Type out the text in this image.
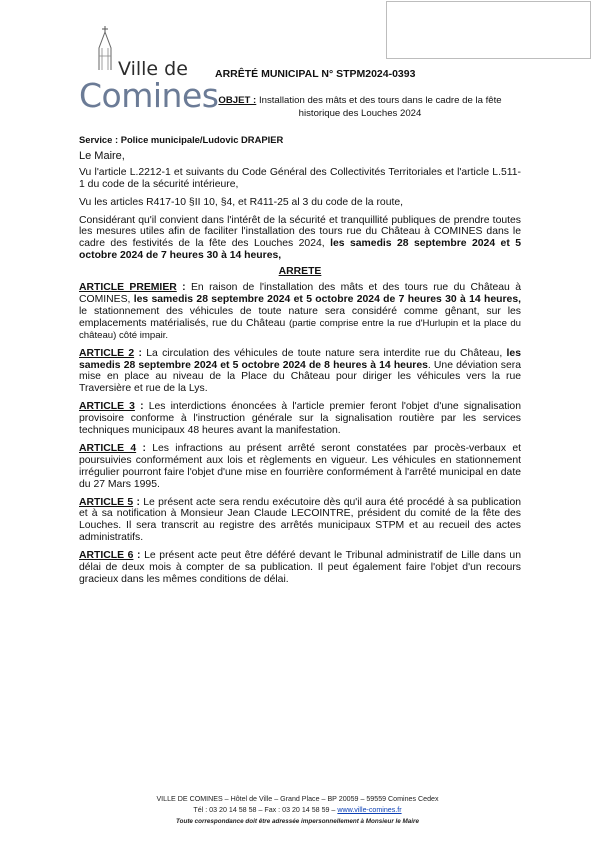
Ville de
Comines
ARRÊTÉ MUNICIPAL N° STPM2024-0393
OBJET : Installation des mâts et des tours dans le cadre de la fête historique des Louches 2024

Service : Police municipale/Ludovic DRAPIER

Le Maire,

Vu l'article L.2212-1 et suivants du Code Général des Collectivités Territoriales et l'article L.511-1 du code de la sécurité intérieure,

Vu les articles R417-10 §II 10, §4, et R411-25 al 3 du code de la route,

Considérant qu'il convient dans l'intérêt de la sécurité et tranquillité publiques de prendre toutes les mesures utiles afin de faciliter l'installation des tours rue du Château à COMINES dans le cadre des festivités de la fête des Louches 2024, les samedis 28 septembre 2024 et 5 octobre 2024 de 7 heures 30 à 14 heures,

ARRETE

ARTICLE PREMIER : En raison de l'installation des mâts et des tours rue du Château à COMINES, les samedis 28 septembre 2024 et 5 octobre 2024 de 7 heures 30 à 14 heures, le stationnement des véhicules de toute nature sera considéré comme gênant, sur les emplacements matérialisés, rue du Château (partie comprise entre la rue d'Hurlupin et la place du château) côté impair.

ARTICLE 2 : La circulation des véhicules de toute nature sera interdite rue du Château, les samedis 28 septembre 2024 et 5 octobre 2024 de 8 heures à 14 heures. Une déviation sera mise en place au niveau de la Place du Château pour diriger les véhicules vers la rue Traversière et rue de la Lys.

ARTICLE 3 : Les interdictions énoncées à l'article premier feront l'objet d'une signalisation provisoire conforme à l'instruction générale sur la signalisation routière par les services techniques municipaux 48 heures avant la manifestation.

ARTICLE 4 : Les infractions au présent arrêté seront constatées par procès-verbaux et poursuivies conformément aux lois et règlements en vigueur. Les véhicules en stationnement irrégulier pourront faire l'objet d'une mise en fourrière conformément à l'arrêté municipal en date du 27 Mars 1995.

ARTICLE 5 : Le présent acte sera rendu exécutoire dès qu'il aura été procédé à sa publication et à sa notification à Monsieur Jean Claude LECOINTRE, président du comité de la fête des Louches. Il sera transcrit au registre des arrêtés municipaux STPM et au recueil des actes administratifs.

ARTICLE 6 : Le présent acte peut être déféré devant le Tribunal administratif de Lille dans un délai de deux mois à compter de sa publication. Il peut également faire l'objet d'un recours gracieux dans les mêmes conditions de délai.

VILLE DE COMINES – Hôtel de Ville – Grand Place – BP 20059 – 59559 Comines Cedex
Tél : 03 20 14 58 58 – Fax : 03 20 14 58 59 – www.ville-comines.fr
Toute correspondance doit être adressée impersonnellement à Monsieur le Maire
